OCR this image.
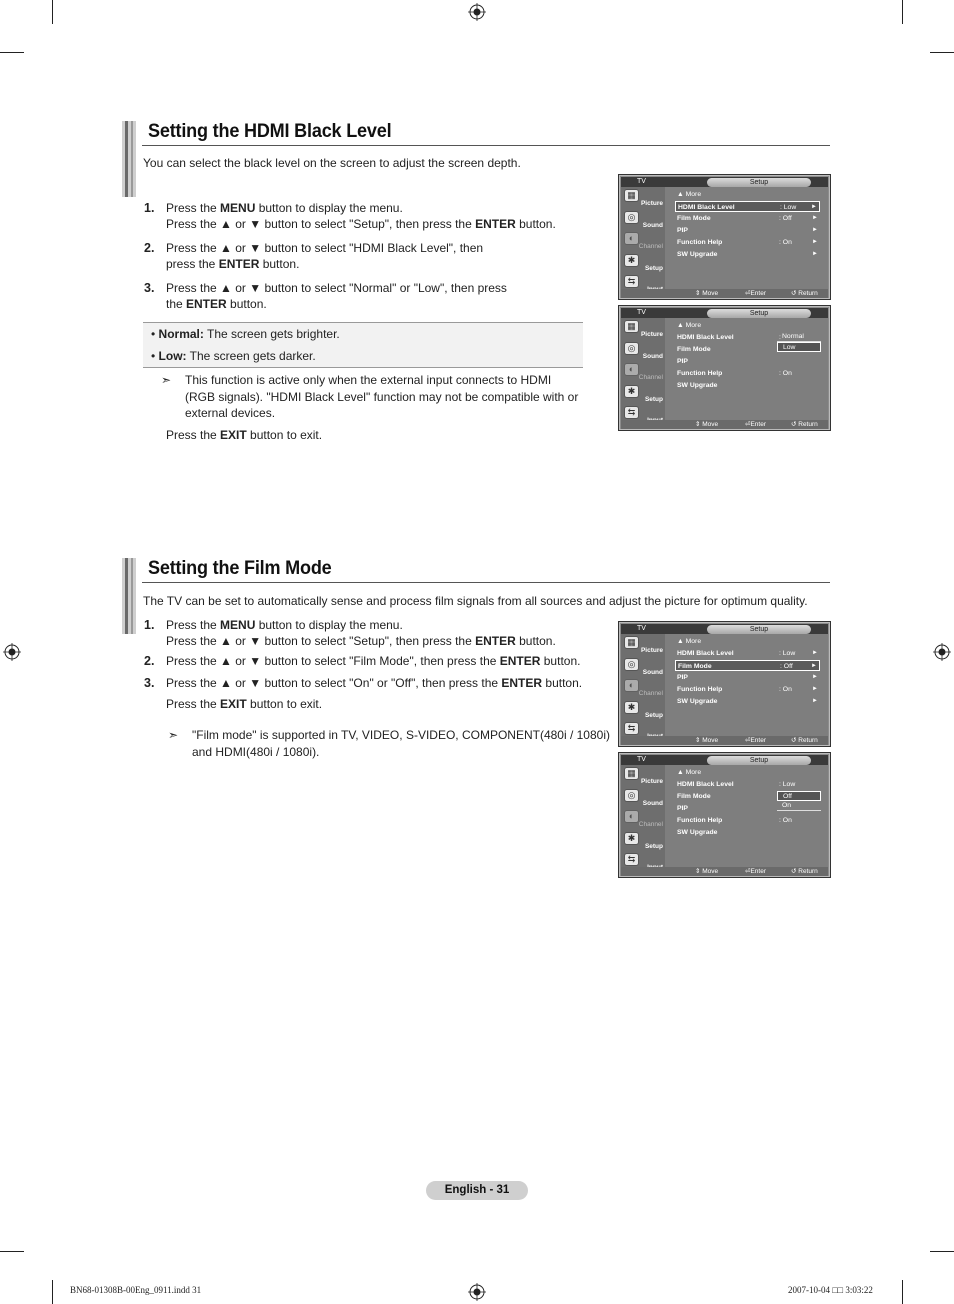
Setting the HDMI Black Level
You can select the black level on the screen to adjust the screen depth.
1. Press the MENU button to display the menu.
Press the ▲ or ▼ button to select "Setup", then press the ENTER button.
2. Press the ▲ or ▼ button to select "HDMI Black Level", then
press the ENTER button.
3. Press the ▲ or ▼ button to select "Normal" or "Low", then press
the ENTER button.
• Normal: The screen gets brighter.
• Low: The screen gets darker.
➣ This function is active only when the external input connects to HDMI
(RGB signals). "HDMI Black Level" function may not be compatible with or
external devices.
Press the EXIT button to exit.
Setting the Film Mode
The TV can be set to automatically sense and process film signals from all sources and adjust the picture for optimum quality.
1. Press the MENU button to display the menu.
Press the ▲ or ▼ button to select "Setup", then press the ENTER button.
2. Press the ▲ or ▼ button to select "Film Mode", then press the ENTER button.
3. Press the ▲ or ▼ button to select "On" or "Off", then press the ENTER button.
Press the EXIT button to exit.
➣ "Film mode" is supported in TV, VIDEO, S-VIDEO, COMPONENT(480i / 1080i)
and HDMI(480i / 1080i).
TV	Setup
▦
Picture
◎
Sound
◐
Channel
✱
Setup
⇆
▲ More
HDMI Black Level	: Low ►
Film Mode	: Off	►
PIP	►
Function Help	: On	►
SW Upgrade	►
⇕ Move	⏎Enter	↺ Return
TV	Setup
▦
Picture
◎
Sound
◐
Channel
✱
Setup
⇆
▲ More
HDMI Black Level	:
Film Mode
PIP
Function Help	: On
SW Upgrade
Normal
Low
⇕ Move	⏎Enter	↺ Return
TV	Setup
▦
Picture
◎
Sound
◐
Channel
✱
Setup
⇆
▲ More
HDMI Black Level	: Low	►
Film Mode	: Off	►
PIP	►
Function Help	: On	►
SW Upgrade	►
⇕ Move	⏎Enter	↺ Return
TV	Setup
▦
Picture
◎
Sound
◐
Channel
✱
Setup
⇆
▲ More
HDMI Black Level	: Low
Film Mode
PIP
Function Help	: On
SW Upgrade
Off
On
⇕ Move	⏎Enter	↺ Return
English - 31
BN68-01308B-00Eng_0911.indd 31	2007-10-04 □□ 3:03:22
